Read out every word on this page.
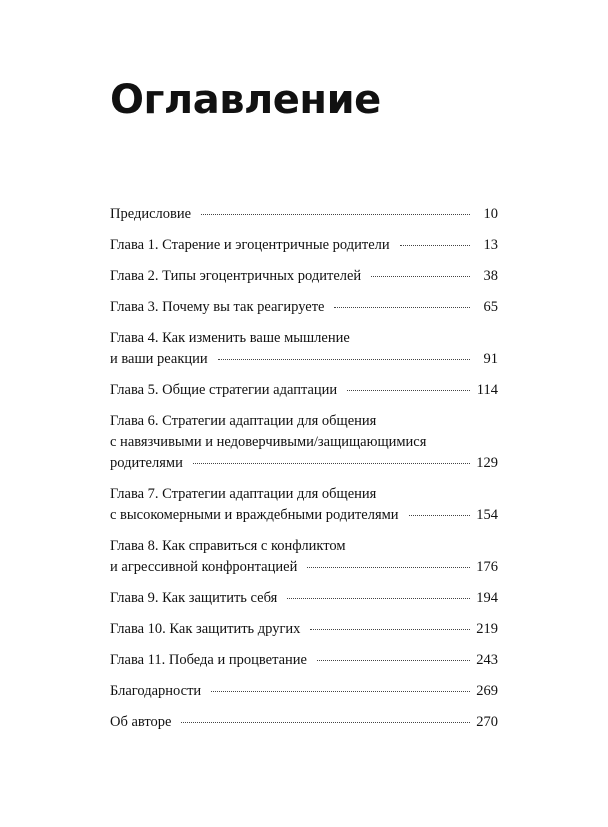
Оглавление
Предисловие	10
Глава 1. Старение и эгоцентричные родители	13
Глава 2. Типы эгоцентричных родителей	38
Глава 3. Почему вы так реагируете	65
Глава 4. Как изменить ваше мышление
и ваши реакции	91
Глава 5. Общие стратегии адаптации	114
Глава 6. Стратегии адаптации для общения
с навязчивыми и недоверчивыми/защищающимися
родителями	129
Глава 7. Стратегии адаптации для общения
с высокомерными и враждебными родителями	154
Глава 8. Как справиться с конфликтом
и агрессивной конфронтацией	176
Глава 9. Как защитить себя	194
Глава 10. Как защитить других	219
Глава 11. Победа и процветание	243
Благодарности	269
Об авторе	270
